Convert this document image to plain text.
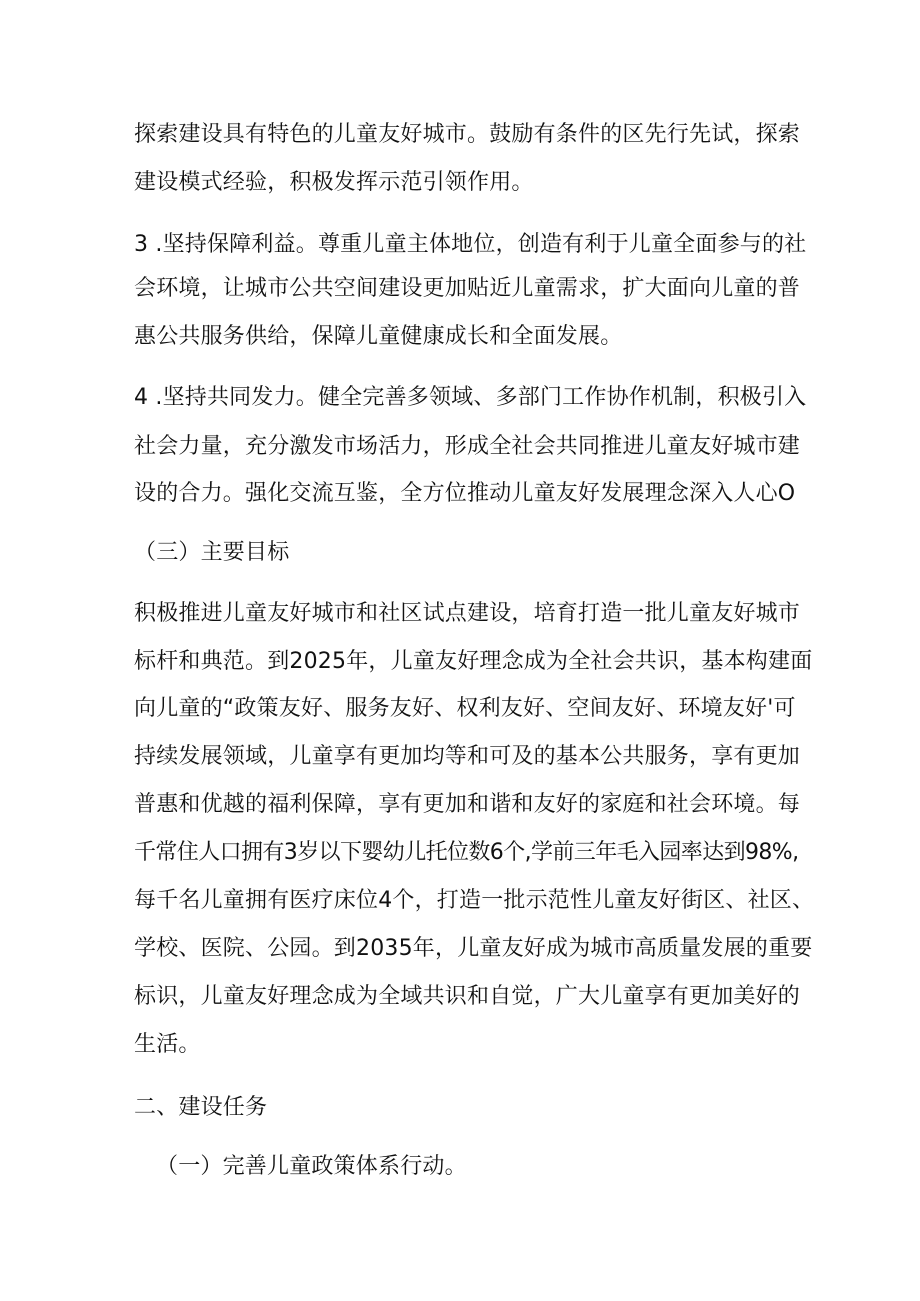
探索建设具有特色的儿童友好城市。鼓励有条件的区先行先试，探索
建设模式经验，积极发挥示范引领作用。
3 .坚持保障利益。尊重儿童主体地位，创造有利于儿童全面参与的社
会环境，让城市公共空间建设更加贴近儿童需求，扩大面向儿童的普
惠公共服务供给，保障儿童健康成长和全面发展。
4 .坚持共同发力。健全完善多领域、多部门工作协作机制，积极引入
社会力量，充分激发市场活力，形成全社会共同推进儿童友好城市建
设的合力。强化交流互鉴，全方位推动儿童友好发展理念深入人心O
（三）主要目标
积极推进儿童友好城市和社区试点建设，培育打造一批儿童友好城市
标杆和典范。到2025年，儿童友好理念成为全社会共识，基本构建面
向儿童的“政策友好、服务友好、权利友好、空间友好、环境友好'可
持续发展领域，儿童享有更加均等和可及的基本公共服务，享有更加
普惠和优越的福利保障，享有更加和谐和友好的家庭和社会环境。每
千常住人口拥有3岁以下婴幼儿托位数6个,学前三年毛入园率达到98%,
每千名儿童拥有医疗床位4个，打造一批示范性儿童友好街区、社区、
学校、医院、公园。到2035年，儿童友好成为城市高质量发展的重要
标识，儿童友好理念成为全域共识和自觉，广大儿童享有更加美好的
生活。
二、建设任务
（一）完善儿童政策体系行动。
